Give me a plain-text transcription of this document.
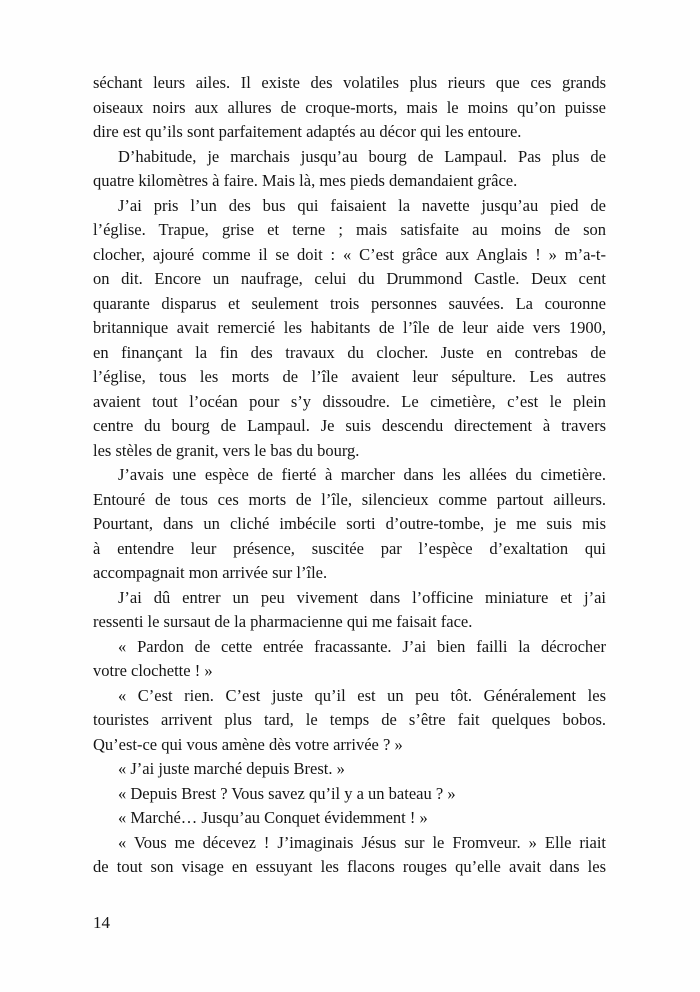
séchant leurs ailes. Il existe des volatiles plus rieurs que ces grands
oiseaux noirs aux allures de croque-morts, mais le moins qu’on puisse
dire est qu’ils sont parfaitement adaptés au décor qui les entoure.
D’habitude, je marchais jusqu’au bourg de Lampaul. Pas plus de
quatre kilomètres à faire. Mais là, mes pieds demandaient grâce.
J’ai pris l’un des bus qui faisaient la navette jusqu’au pied de
l’église. Trapue, grise et terne ; mais satisfaite au moins de son
clocher, ajouré comme il se doit : « C’est grâce aux Anglais ! » m’a-t-
on dit. Encore un naufrage, celui du Drummond Castle. Deux cent
quarante disparus et seulement trois personnes sauvées. La couronne
britannique avait remercié les habitants de l’île de leur aide vers 1900,
en finançant la fin des travaux du clocher. Juste en contrebas de
l’église, tous les morts de l’île avaient leur sépulture. Les autres
avaient tout l’océan pour s’y dissoudre. Le cimetière, c’est le plein
centre du bourg de Lampaul. Je suis descendu directement à travers
les stèles de granit, vers le bas du bourg.
J’avais une espèce de fierté à marcher dans les allées du cimetière.
Entouré de tous ces morts de l’île, silencieux comme partout ailleurs.
Pourtant, dans un cliché imbécile sorti d’outre-tombe, je me suis mis
à entendre leur présence, suscitée par l’espèce d’exaltation qui
accompagnait mon arrivée sur l’île.
J’ai dû entrer un peu vivement dans l’officine miniature et j’ai
ressenti le sursaut de la pharmacienne qui me faisait face.
« Pardon de cette entrée fracassante. J’ai bien failli la décrocher
votre clochette ! »
« C’est rien. C’est juste qu’il est un peu tôt. Généralement les
touristes arrivent plus tard, le temps de s’être fait quelques bobos.
Qu’est-ce qui vous amène dès votre arrivée ? »
« J’ai juste marché depuis Brest. »
« Depuis Brest ? Vous savez qu’il y a un bateau ? »
« Marché… Jusqu’au Conquet évidemment ! »
« Vous me décevez ! J’imaginais Jésus sur le Fromveur. » Elle riait
de tout son visage en essuyant les flacons rouges qu’elle avait dans les
14
